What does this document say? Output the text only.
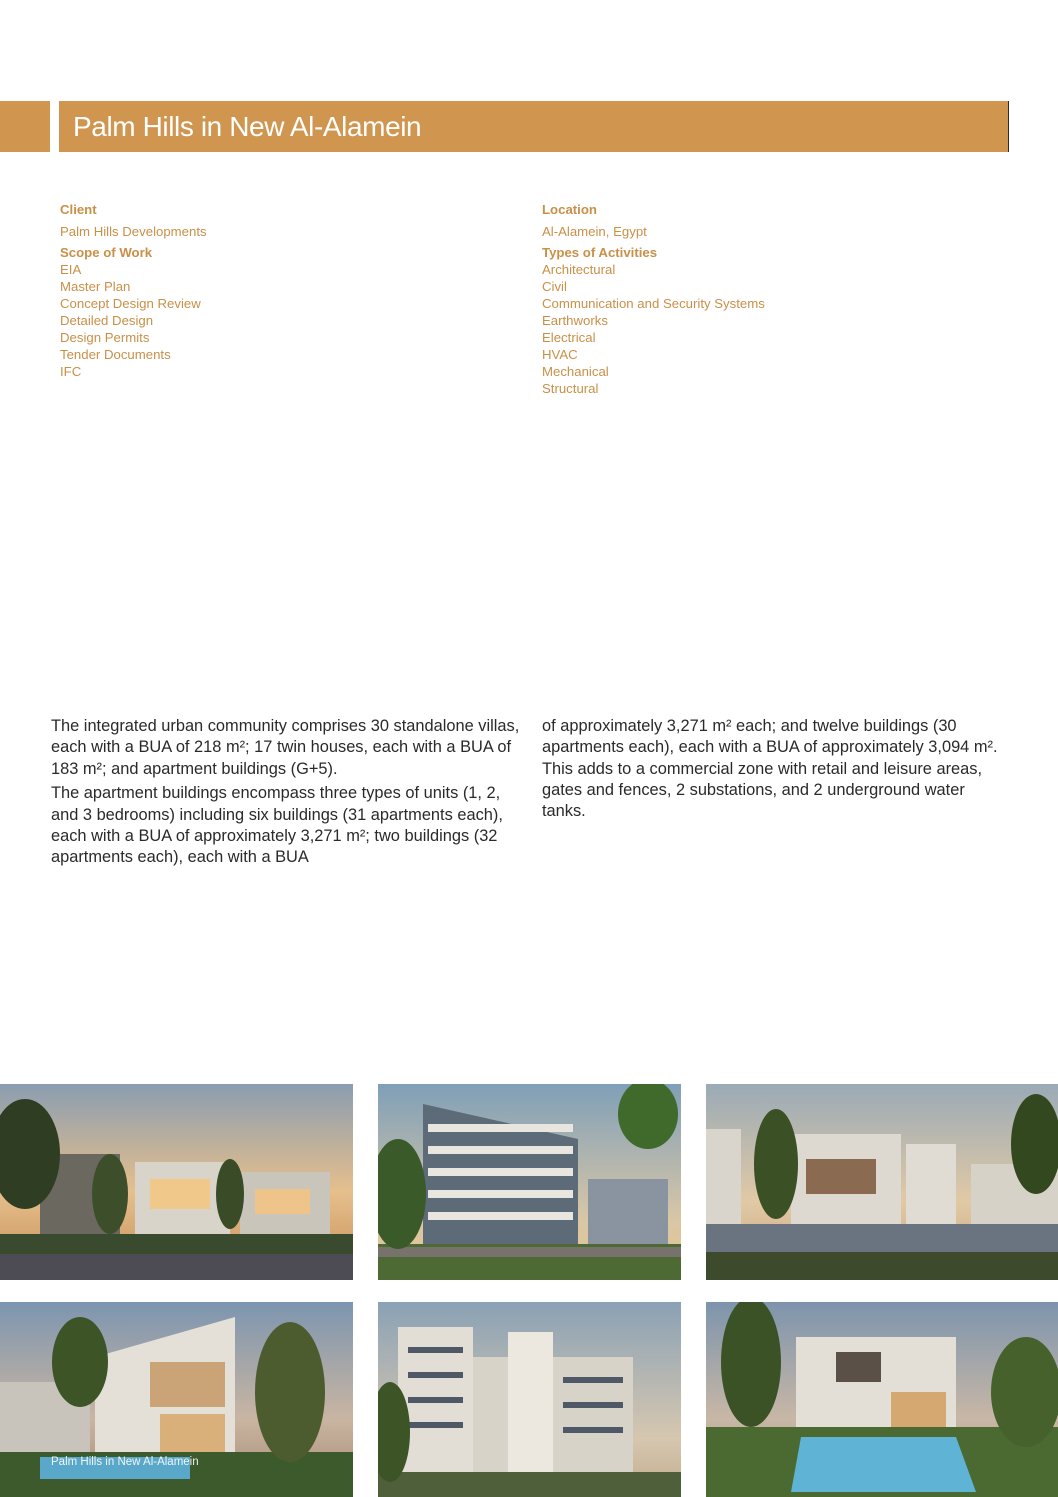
Palm Hills in New Al-Alamein
Client
Palm Hills Developments
Scope of Work
EIA
Master Plan
Concept Design Review
Detailed Design
Design Permits
Tender Documents
IFC
Location
Al-Alamein, Egypt
Types of Activities
Architectural
Civil
Communication and Security Systems
Earthworks
Electrical
HVAC
Mechanical
Structural

The integrated urban community comprises 30 standalone villas, each with a BUA of 218 m²; 17 twin houses, each with a BUA of 183 m²; and apartment buildings (G+5).

The apartment buildings encompass three types of units (1, 2, and 3 bedrooms) including six buildings (31 apartments each), each with a BUA of approximately 3,271 m²; two buildings (32 apartments each), each with a BUA

of approximately 3,271 m² each; and twelve buildings (30 apartments each), each with a BUA of approximately 3,094 m². This adds to a commercial zone with retail and leisure areas, gates and fences, 2 substations, and 2 underground water tanks.

Palm Hills in New Al-Alamein
